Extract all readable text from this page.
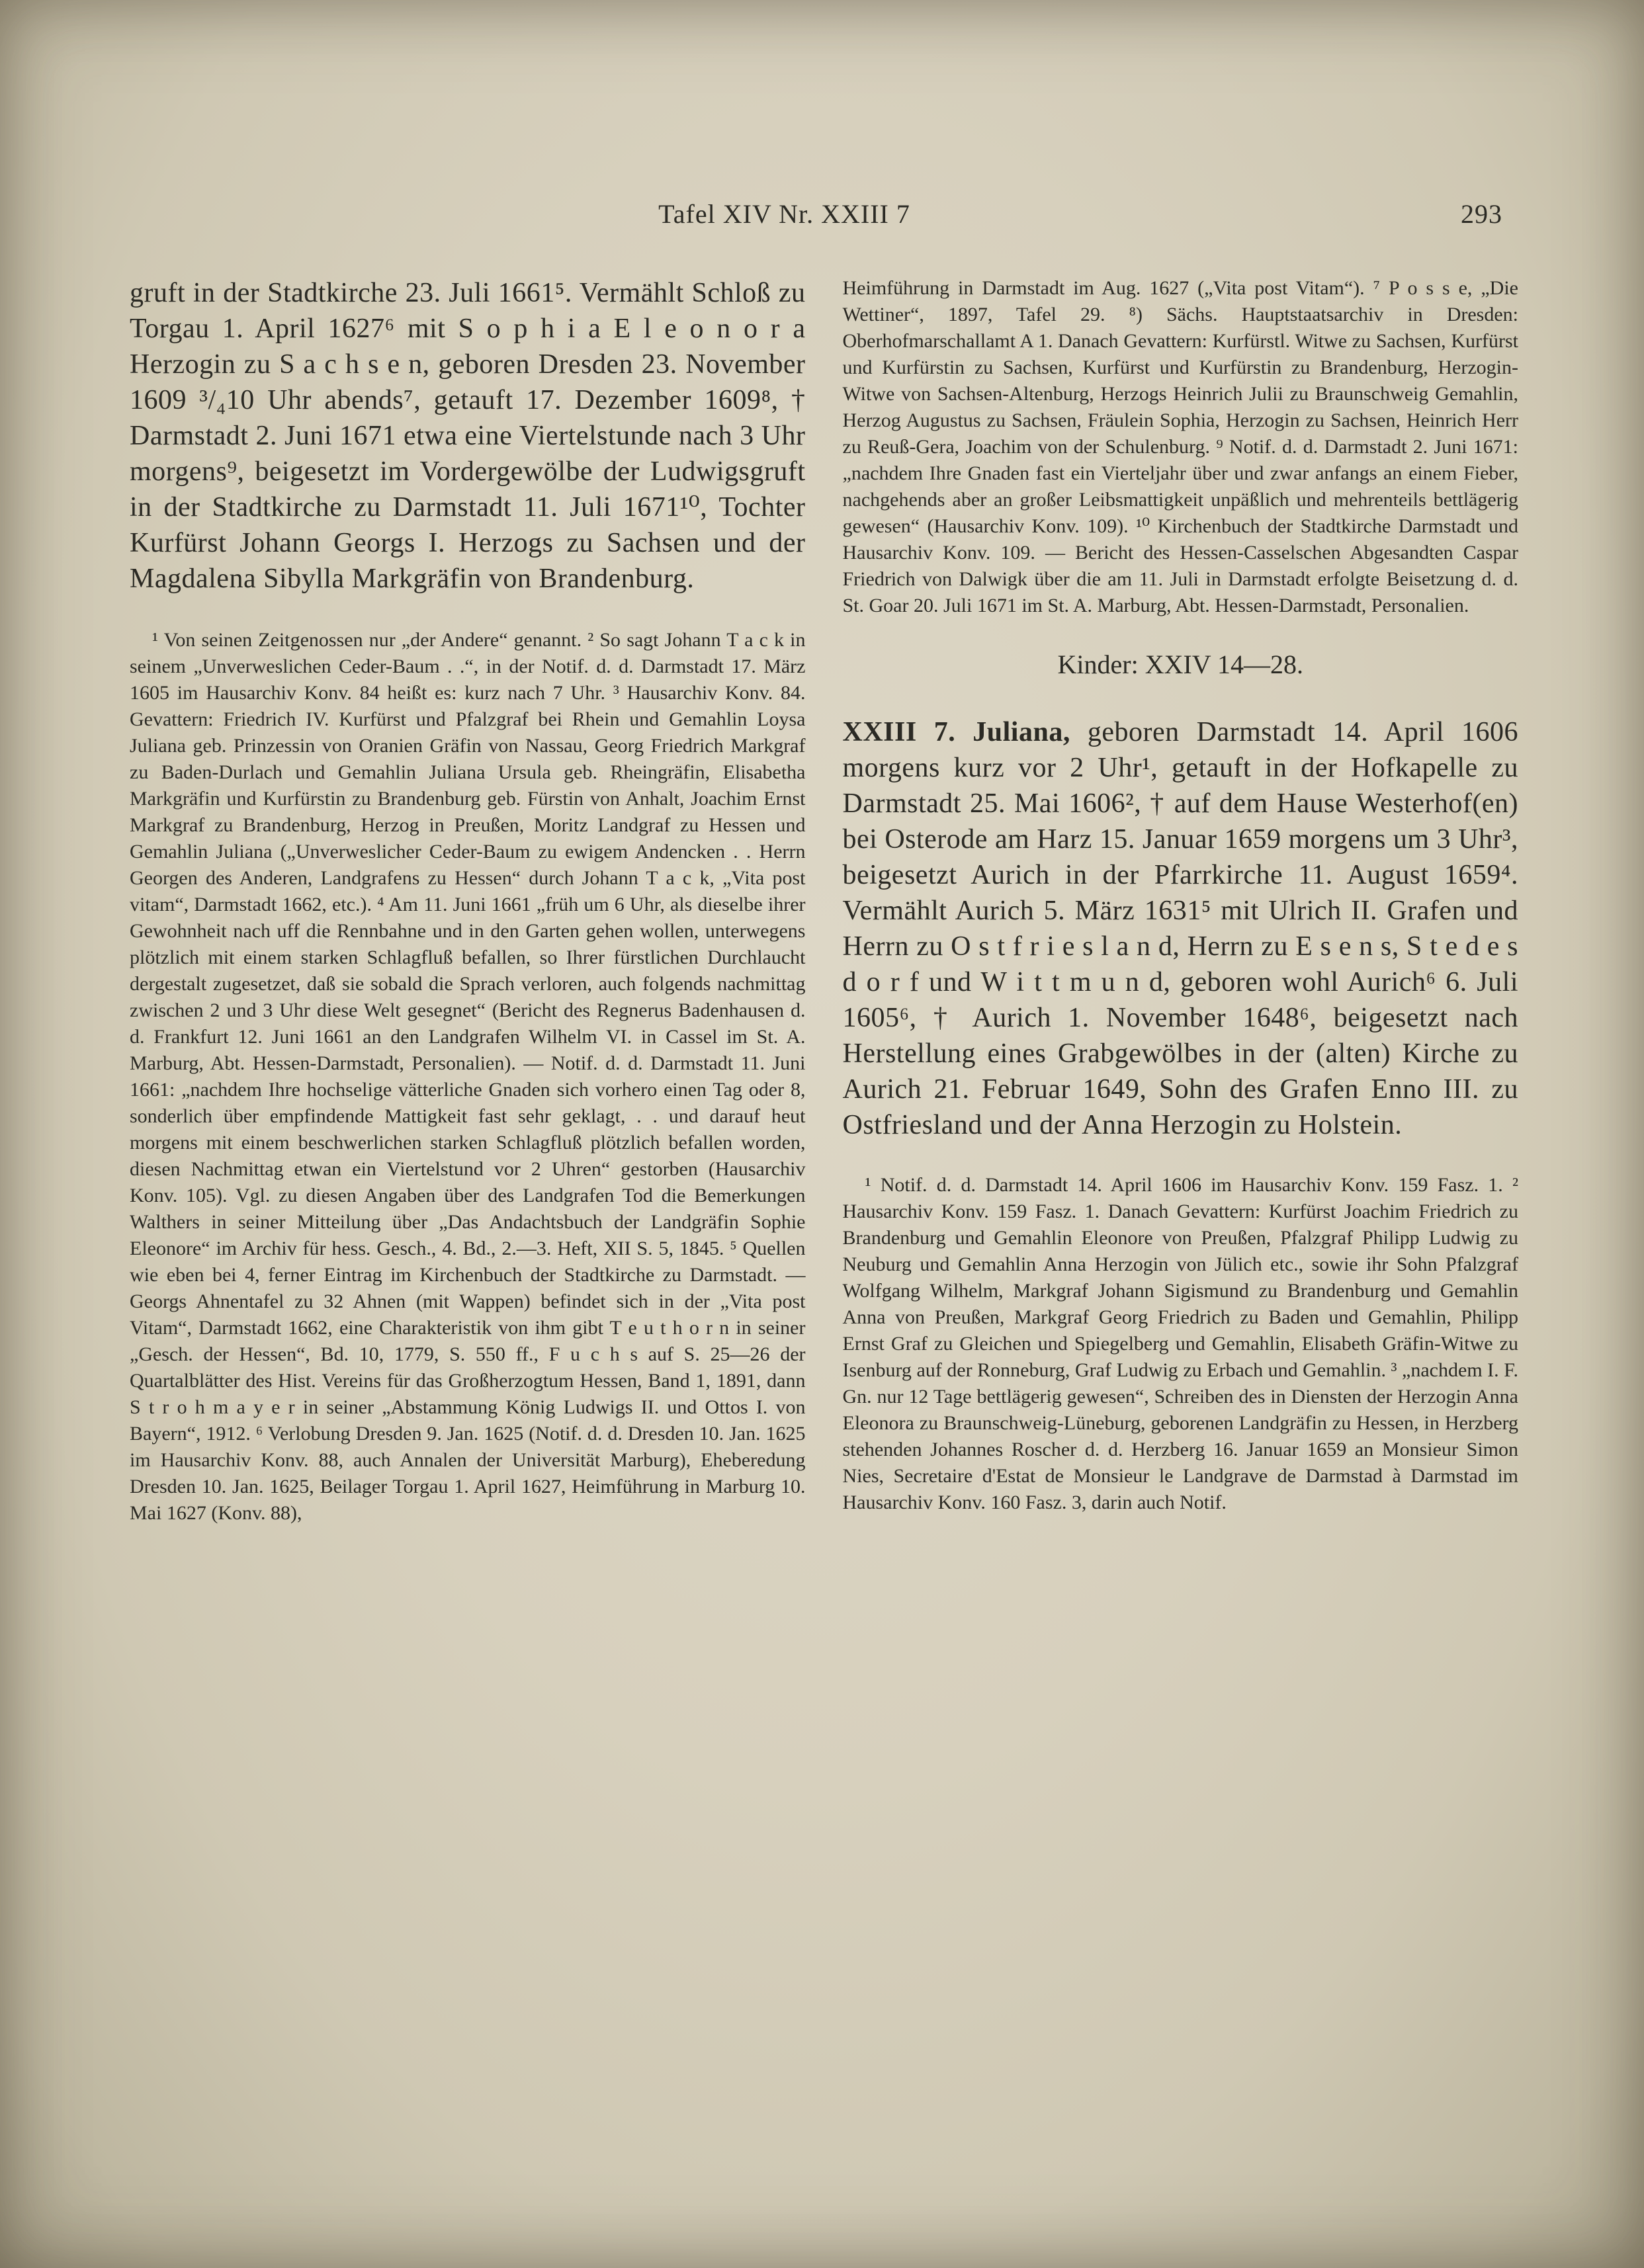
Tafel XIV Nr. XXIII 7	293

gruft in der Stadtkirche 23. Juli 1661⁵. Vermählt Schloß zu Torgau 1. April 1627⁶ mit S o p h i a E l e o n o r a Herzogin zu S a c h s e n, geboren Dresden 23. November 1609 ³/₄10 Uhr abends⁷, getauft 17. Dezember 1609⁸, † Darmstadt 2. Juni 1671 etwa eine Viertelstunde nach 3 Uhr morgens⁹, beigesetzt im Vordergewölbe der Ludwigsgruft in der Stadtkirche zu Darmstadt 11. Juli 1671¹⁰, Tochter Kurfürst Johann Georgs I. Herzogs zu Sachsen und der Magdalena Sibylla Markgräfin von Brandenburg.

¹ Von seinen Zeitgenossen nur „der Andere“ genannt. ² So sagt Johann T a c k in seinem „Unverweslichen Ceder-Baum . .“, in der Notif. d. d. Darmstadt 17. März 1605 im Hausarchiv Konv. 84 heißt es: kurz nach 7 Uhr. ³ Hausarchiv Konv. 84. Gevattern: Friedrich IV. Kurfürst und Pfalzgraf bei Rhein und Gemahlin Loysa Juliana geb. Prinzessin von Oranien Gräfin von Nassau, Georg Friedrich Markgraf zu Baden-Durlach und Gemahlin Juliana Ursula geb. Rheingräfin, Elisabetha Markgräfin und Kurfürstin zu Brandenburg geb. Fürstin von Anhalt, Joachim Ernst Markgraf zu Brandenburg, Herzog in Preußen, Moritz Landgraf zu Hessen und Gemahlin Juliana („Unverweslicher Ceder-Baum zu ewigem Andencken . . Herrn Georgen des Anderen, Landgrafens zu Hessen“ durch Johann T a c k, „Vita post vitam“, Darmstadt 1662, etc.). ⁴ Am 11. Juni 1661 „früh um 6 Uhr, als dieselbe ihrer Gewohnheit nach uff die Rennbahne und in den Garten gehen wollen, unterwegens plötzlich mit einem starken Schlagfluß befallen, so Ihrer fürstlichen Durchlaucht dergestalt zugesetzet, daß sie sobald die Sprach verloren, auch folgends nachmittag zwischen 2 und 3 Uhr diese Welt gesegnet“ (Bericht des Regnerus Badenhausen d. d. Frankfurt 12. Juni 1661 an den Landgrafen Wilhelm VI. in Cassel im St. A. Marburg, Abt. Hessen-Darmstadt, Personalien). — Notif. d. d. Darmstadt 11. Juni 1661: „nachdem Ihre hochselige vätterliche Gnaden sich vorhero einen Tag oder 8, sonderlich über empfindende Mattigkeit fast sehr geklagt, . . und darauf heut morgens mit einem beschwerlichen starken Schlagfluß plötzlich befallen worden, diesen Nachmittag etwan ein Viertelstund vor 2 Uhren“ gestorben (Hausarchiv Konv. 105). Vgl. zu diesen Angaben über des Landgrafen Tod die Bemerkungen Walthers in seiner Mitteilung über „Das Andachtsbuch der Landgräfin Sophie Eleonore“ im Archiv für hess. Gesch., 4. Bd., 2.—3. Heft, XII S. 5, 1845. ⁵ Quellen wie eben bei 4, ferner Eintrag im Kirchenbuch der Stadtkirche zu Darmstadt. — Georgs Ahnentafel zu 32 Ahnen (mit Wappen) befindet sich in der „Vita post Vitam“, Darmstadt 1662, eine Charakteristik von ihm gibt T e u t h o r n in seiner „Gesch. der Hessen“, Bd. 10, 1779, S. 550 ff., F u c h s auf S. 25—26 der Quartalblätter des Hist. Vereins für das Großherzogtum Hessen, Band 1, 1891, dann S t r o h m a y e r in seiner „Abstammung König Ludwigs II. und Ottos I. von Bayern“, 1912. ⁶ Verlobung Dresden 9. Jan. 1625 (Notif. d. d. Dresden 10. Jan. 1625 im Hausarchiv Konv. 88, auch Annalen der Universität Marburg), Eheberedung Dresden 10. Jan. 1625, Beilager Torgau 1. April 1627, Heimführung in Marburg 10. Mai 1627 (Konv. 88),

Heimführung in Darmstadt im Aug. 1627 („Vita post Vitam“). ⁷ P o s s e, „Die Wettiner“, 1897, Tafel 29. ⁸) Sächs. Hauptstaatsarchiv in Dresden: Oberhofmarschallamt A 1. Danach Gevattern: Kurfürstl. Witwe zu Sachsen, Kurfürst und Kurfürstin zu Sachsen, Kurfürst und Kurfürstin zu Brandenburg, Herzogin-Witwe von Sachsen-Altenburg, Herzogs Heinrich Julii zu Braunschweig Gemahlin, Herzog Augustus zu Sachsen, Fräulein Sophia, Herzogin zu Sachsen, Heinrich Herr zu Reuß-Gera, Joachim von der Schulenburg. ⁹ Notif. d. d. Darmstadt 2. Juni 1671: „nachdem Ihre Gnaden fast ein Vierteljahr über und zwar anfangs an einem Fieber, nachgehends aber an großer Leibsmattigkeit unpäßlich und mehrenteils bettlägerig gewesen“ (Hausarchiv Konv. 109). ¹⁰ Kirchenbuch der Stadtkirche Darmstadt und Hausarchiv Konv. 109. — Bericht des Hessen-Casselschen Abgesandten Caspar Friedrich von Dalwigk über die am 11. Juli in Darmstadt erfolgte Beisetzung d. d. St. Goar 20. Juli 1671 im St. A. Marburg, Abt. Hessen-Darmstadt, Personalien.

Kinder: XXIV 14—28.

XXIII 7. Juliana, geboren Darmstadt 14. April 1606 morgens kurz vor 2 Uhr¹, getauft in der Hofkapelle zu Darmstadt 25. Mai 1606², † auf dem Hause Westerhof(en) bei Osterode am Harz 15. Januar 1659 morgens um 3 Uhr³, beigesetzt Aurich in der Pfarrkirche 11. August 1659⁴. Vermählt Aurich 5. März 1631⁵ mit Ulrich II. Grafen und Herrn zu O s t f r i e s l a n d, Herrn zu E s e n s, S t e d e s d o r f und W i t t m u n d, geboren wohl Aurich⁶ 6. Juli 1605⁶, † Aurich 1. November 1648⁶, beigesetzt nach Herstellung eines Grabgewölbes in der (alten) Kirche zu Aurich 21. Februar 1649, Sohn des Grafen Enno III. zu Ostfriesland und der Anna Herzogin zu Holstein.

¹ Notif. d. d. Darmstadt 14. April 1606 im Hausarchiv Konv. 159 Fasz. 1. ² Hausarchiv Konv. 159 Fasz. 1. Danach Gevattern: Kurfürst Joachim Friedrich zu Brandenburg und Gemahlin Eleonore von Preußen, Pfalzgraf Philipp Ludwig zu Neuburg und Gemahlin Anna Herzogin von Jülich etc., sowie ihr Sohn Pfalzgraf Wolfgang Wilhelm, Markgraf Johann Sigismund zu Brandenburg und Gemahlin Anna von Preußen, Markgraf Georg Friedrich zu Baden und Gemahlin, Philipp Ernst Graf zu Gleichen und Spiegelberg und Gemahlin, Elisabeth Gräfin-Witwe zu Isenburg auf der Ronneburg, Graf Ludwig zu Erbach und Gemahlin. ³ „nachdem I. F. Gn. nur 12 Tage bettlägerig gewesen“, Schreiben des in Diensten der Herzogin Anna Eleonora zu Braunschweig-Lüneburg, geborenen Landgräfin zu Hessen, in Herzberg stehenden Johannes Roscher d. d. Herzberg 16. Januar 1659 an Monsieur Simon Nies, Secretaire d'Estat de Monsieur le Landgrave de Darmstad à Darmstad im Hausarchiv Konv. 160 Fasz. 3, darin auch Notif.
